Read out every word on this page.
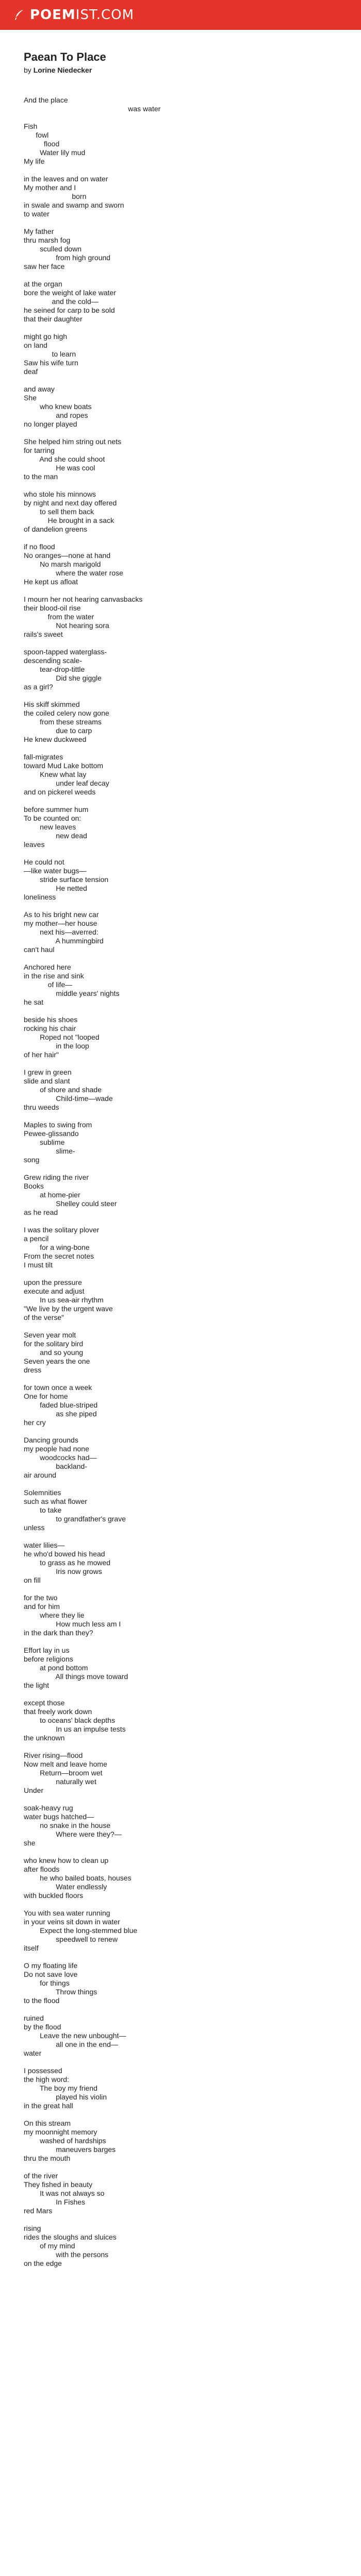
POEMIST.COM
Paean To Place
by Lorine Niedecker
And the place
was water
Fish
fowl
flood
Water lily mud
My life
in the leaves and on water
My mother and I
born
in swale and swamp and sworn
to water
My father
thru marsh fog
sculled down
from high ground
saw her face
at the organ
bore the weight of lake water
and the cold—
he seined for carp to be sold
that their daughter
might go high
on land
to learn
Saw his wife turn
deaf
and away
She
who knew boats
and ropes
no longer played
She helped him string out nets
for tarring
And she could shoot
He was cool
to the man
who stole his minnows
by night and next day offered
to sell them back
He brought in a sack
of dandelion greens
if no flood
No oranges—none at hand
No marsh marigold
where the water rose
He kept us afloat
I mourn her not hearing canvasbacks
their blood-oil rise
from the water
Not hearing sora
rails's sweet
spoon-tapped waterglass-
descending scale-
tear-drop-tittle
Did she giggle
as a girl?
His skiff skimmed
the coiled celery now gone
from these streams
due to carp
He knew duckweed
fall-migrates
toward Mud Lake bottom
Knew what lay
under leaf decay
and on pickerel weeds
before summer hum
To be counted on:
new leaves
new dead
leaves
He could not
—like water bugs—
stride surface tension
He netted
loneliness
As to his bright new car
my mother—her house
next his—averred:
A hummingbird
can't haul
Anchored here
in the rise and sink
of life—
middle years' nights
he sat
beside his shoes
rocking his chair
Roped not "looped
in the loop
of her hair"
I grew in green
slide and slant
of shore and shade
Child-time—wade
thru weeds
Maples to swing from
Pewee-glissando
sublime
slime-
song
Grew riding the river
Books
at home-pier
Shelley could steer
as he read
I was the solitary plover
a pencil
for a wing-bone
From the secret notes
I must tilt
upon the pressure
execute and adjust
In us sea-air rhythm
"We live by the urgent wave
of the verse"
Seven year molt
for the solitary bird
and so young
Seven years the one
dress
for town once a week
One for home
faded blue-striped
as she piped
her cry
Dancing grounds
my people had none
woodcocks had—
backland-
air around
Solemnities
such as what flower
to take
to grandfather's grave
unless
water lilies—
he who'd bowed his head
to grass as he mowed
Iris now grows
on fill
for the two
and for him
where they lie
How much less am I
in the dark than they?
Effort lay in us
before religions
at pond bottom
All things move toward
the light
except those
that freely work down
to oceans' black depths
In us an impulse tests
the unknown
River rising—flood
Now melt and leave home
Return—broom wet
naturally wet
Under
soak-heavy rug
water bugs hatched—
no snake in the house
Where were they?—
she
who knew how to clean up
after floods
he who bailed boats, houses
Water endlessly
with buckled floors
You with sea water running
in your veins sit down in water
Expect the long-stemmed blue
speedwell to renew
itself
O my floating life
Do not save love
for things
Throw things
to the flood
ruined
by the flood
Leave the new unbought—
all one in the end—
water
I possessed
the high word:
The boy my friend
played his violin
in the great hall
On this stream
my moonnight memory
washed of hardships
maneuvers barges
thru the mouth
of the river
They fished in beauty
It was not always so
In Fishes
red Mars
rising
rides the sloughs and sluices
of my mind
with the persons
on the edge
